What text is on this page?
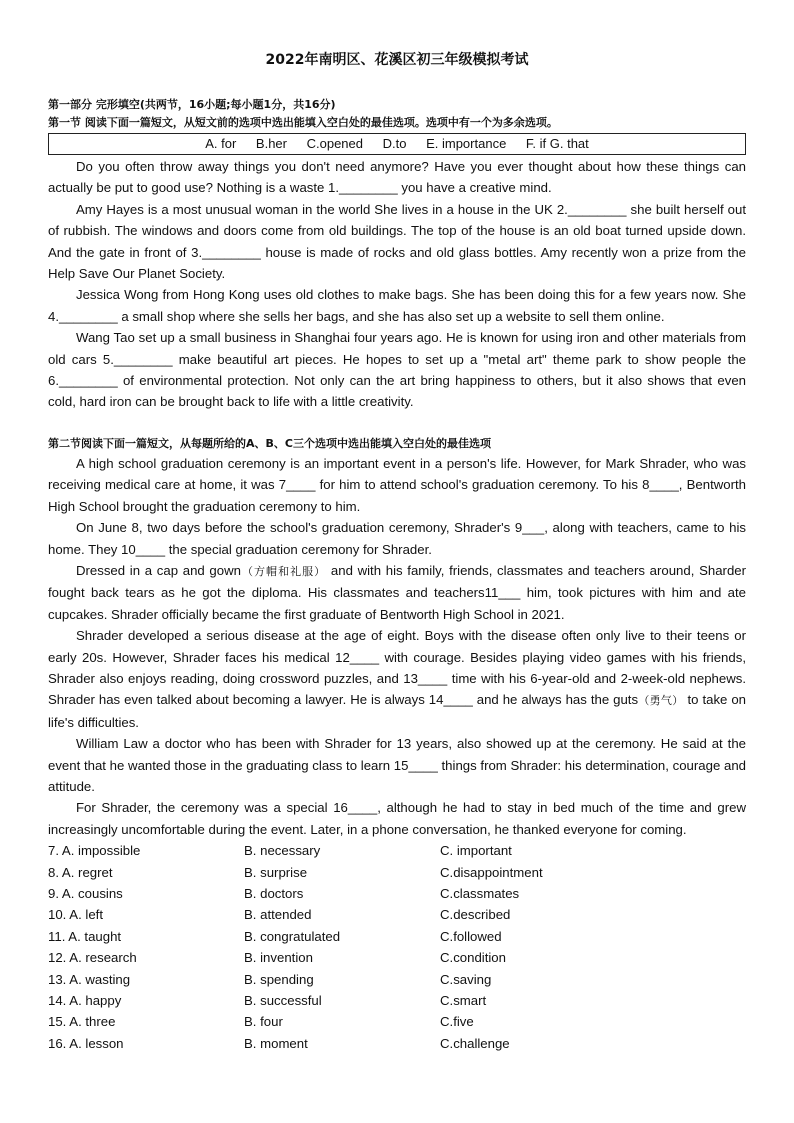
2022年南明区、花溪区初三年级模拟考试
第一部分 完形填空(共两节，16小题;每小题1分，共16分)
第一节 阅读下面一篇短文，从短文前的选项中选出能填入空白处的最佳选项。选项中有一个为多余选项。
A. for B.her C.opened D.to E. importance F. if G. that

Do you often throw away things you don't need anymore? Have you ever thought about how these things can actually be put to good use? Nothing is a waste 1.________ you have a creative mind.

Amy Hayes is a most unusual woman in the world She lives in a house in the UK 2.________ she built herself out of rubbish. The windows and doors come from old buildings. The top of the house is an old boat turned upside down. And the gate in front of 3.________ house is made of rocks and old glass bottles. Amy recently won a prize from the Help Save Our Planet Society.

Jessica Wong from Hong Kong uses old clothes to make bags. She has been doing this for a few years now. She 4.________ a small shop where she sells her bags, and she has also set up a website to sell them online.

Wang Tao set up a small business in Shanghai four years ago. He is known for using iron and other materials from old cars 5.________ make beautiful art pieces. He hopes to set up a "metal art" theme park to show people the 6.________ of environmental protection. Not only can the art bring happiness to others, but it also shows that even cold, hard iron can be brought back to life with a little creativity.

第二节阅读下面一篇短文，从每题所给的A、B、C三个选项中选出能填入空白处的最佳选项

A high school graduation ceremony is an important event in a person's life. However, for Mark Shrader, who was receiving medical care at home, it was 7____ for him to attend school's graduation ceremony. To his 8____, Bentworth High School brought the graduation ceremony to him.

On June 8, two days before the school's graduation ceremony, Shrader's 9___, along with teachers, came to his home. They 10____ the special graduation ceremony for Shrader.

Dressed in a cap and gown（方帽和礼服） and with his family, friends, classmates and teachers around, Sharder fought back tears as he got the diploma. His classmates and teachers11___ him, took pictures with him and ate cupcakes. Shrader officially became the first graduate of Bentworth High School in 2021.

Shrader developed a serious disease at the age of eight. Boys with the disease often only live to their teens or early 20s. However, Shrader faces his medical 12____ with courage. Besides playing video games with his friends, Shrader also enjoys reading, doing crossword puzzles, and 13____ time with his 6-year-old and 2-week-old nephews. Shrader has even talked about becoming a lawyer. He is always 14____ and he always has the guts（勇气） to take on life's difficulties.

William Law a doctor who has been with Shrader for 13 years, also showed up at the ceremony. He said at the event that he wanted those in the graduating class to learn 15____ things from Shrader: his determination, courage and attitude.

For Shrader, the ceremony was a special 16____, although he had to stay in bed much of the time and grew increasingly uncomfortable during the event. Later, in a phone conversation, he thanked everyone for coming.

7. A. impossible	B. necessary	C. important
8. A. regret	B. surprise	C.disappointment
9. A. cousins	B. doctors	C.classmates
10. A. left	B. attended	C.described
11. A. taught	B. congratulated	C.followed
12. A. research	B. invention	C.condition
13. A. wasting	B. spending	C.saving
14. A. happy	B. successful	C.smart
15. A. three	B. four	C.five
16. A. lesson	B. moment	C.challenge
